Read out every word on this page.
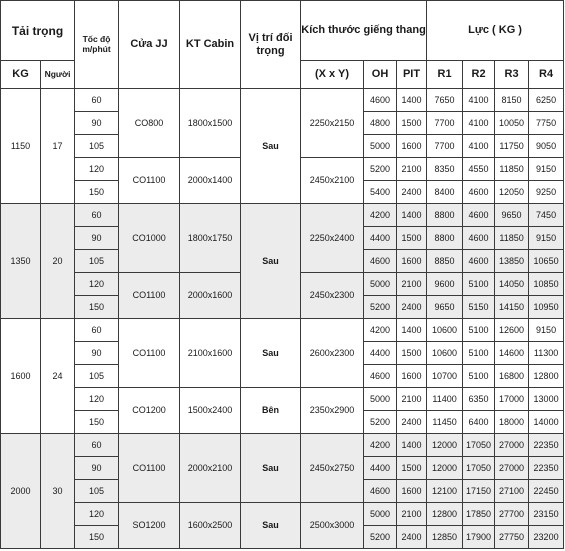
Tải trọng		Tốc độ m/phút	Cửa JJ	KT Cabin	Vị trí đối trọng	Kích thước giếng thang			Lực ( KG )			
KG	Người					(X x Y)	OH	PIT	R1	R2	R3	R4
1150	17	60	CO800	1800x1500	Sau	2250x2150	4600	1400	7650	4100	8150	6250
		90					4800	1500	7700	4100	10050	7750
		105					5000	1600	7700	4100	11750	9050
		120	CO1100	2000x1400		2450x2100	5200	2100	8350	4550	11850	9150
		150					5400	2400	8400	4600	12050	9250
1350	20	60	CO1000	1800x1750	Sau	2250x2400	4200	1400	8800	4600	9650	7450
		90					4400	1500	8800	4600	11850	9150
		105					4600	1600	8850	4600	13850	10650
		120	CO1100	2000x1600		2450x2300	5000	2100	9600	5100	14050	10850
		150					5200	2400	9650	5150	14150	10950
1600	24	60	CO1100	2100x1600	Sau	2600x2300	4200	1400	10600	5100	12600	9150
		90					4400	1500	10600	5100	14600	11300
		105					4600	1600	10700	5100	16800	12800
		120	CO1200	1500x2400	Bên	2350x2900	5000	2100	11400	6350	17000	13000
		150					5200	2400	11450	6400	18000	14000
2000	30	60	CO1100	2000x2100	Sau	2450x2750	4200	1400	12000	17050	27000	22350
		90					4400	1500	12000	17050	27000	22350
		105					4600	1600	12100	17150	27100	22450
		120	SO1200	1600x2500	Sau	2500x3000	5000	2100	12800	17850	27700	23150
		150					5200	2400	12850	17900	27750	23200
